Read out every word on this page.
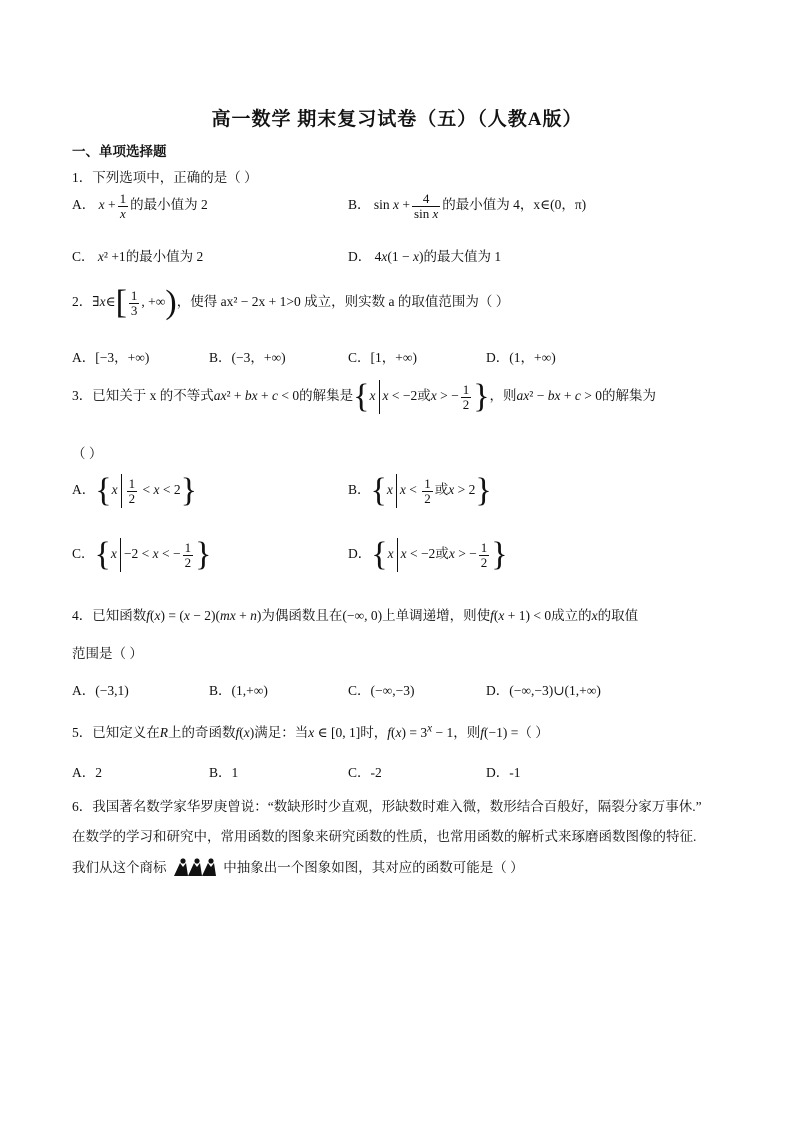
高一数学 期末复习试卷（五）（人教A版）
一、单项选择题
1．下列选项中，正确的是（ ）
A． $x + \frac{1}{x}$ 的最小值为 2	B． $\sin x + \frac{4}{\text{sin x}}$ 的最小值为 4，x∈(0，π)
C． x² +1的最小值为 2	D． 4x(1 − x)的最大值为 1
2．∃x∈[ $\frac{1}{3}$ , +∞)，使得 ax² − 2x + 1>0 成立，则实数 a 的取值范围为（ ）
A．[−3，+∞)	B．(−3，+∞)	C．[1，+∞)	D．(1，+∞)
3．已知关于 x 的不等式ax² + bx + c < 0的解集是{x x < −2或x > − $\frac{1}{2}$ }，则ax² − bx + c > 0的解集为
（ ）
A．$\{x \frac{1}{2} < x < 2\}$	B．{x $x < \frac{1}{2}$ 或x > 2}
C．{x −2 < x < − $\frac{1}{2}$ }	D．{x x < −2或x > − $\frac{1}{2}$ }
4．已知函数f(x) = (x − 2)(mx + n)为偶函数且在(−∞, 0)上单调递增，则使f(x + 1) < 0成立的x的取值
范围是（ ）
A．(−3,1)	B．(1,+∞)	C．(−∞,−3)	D．(−∞,−3)∪(1,+∞)
5．已知定义在R上的奇函数f(x)满足：当x ∈ [0, 1]时，$f(x) = 3^x - 1$，则f(−1) =（ ）
A．2	B．1	C．-2	D．-1
6．我国著名数学家华罗庚曾说：“数缺形时少直观，形缺数时难入微，数形结合百般好，隔裂分家万事休.”
在数学的学习和研究中，常用函数的图象来研究函数的性质，也常用函数的解析式来琢磨函数图像的特征.
我们从这个商标	中抽象出一个图象如图，其对应的函数可能是（ ）
